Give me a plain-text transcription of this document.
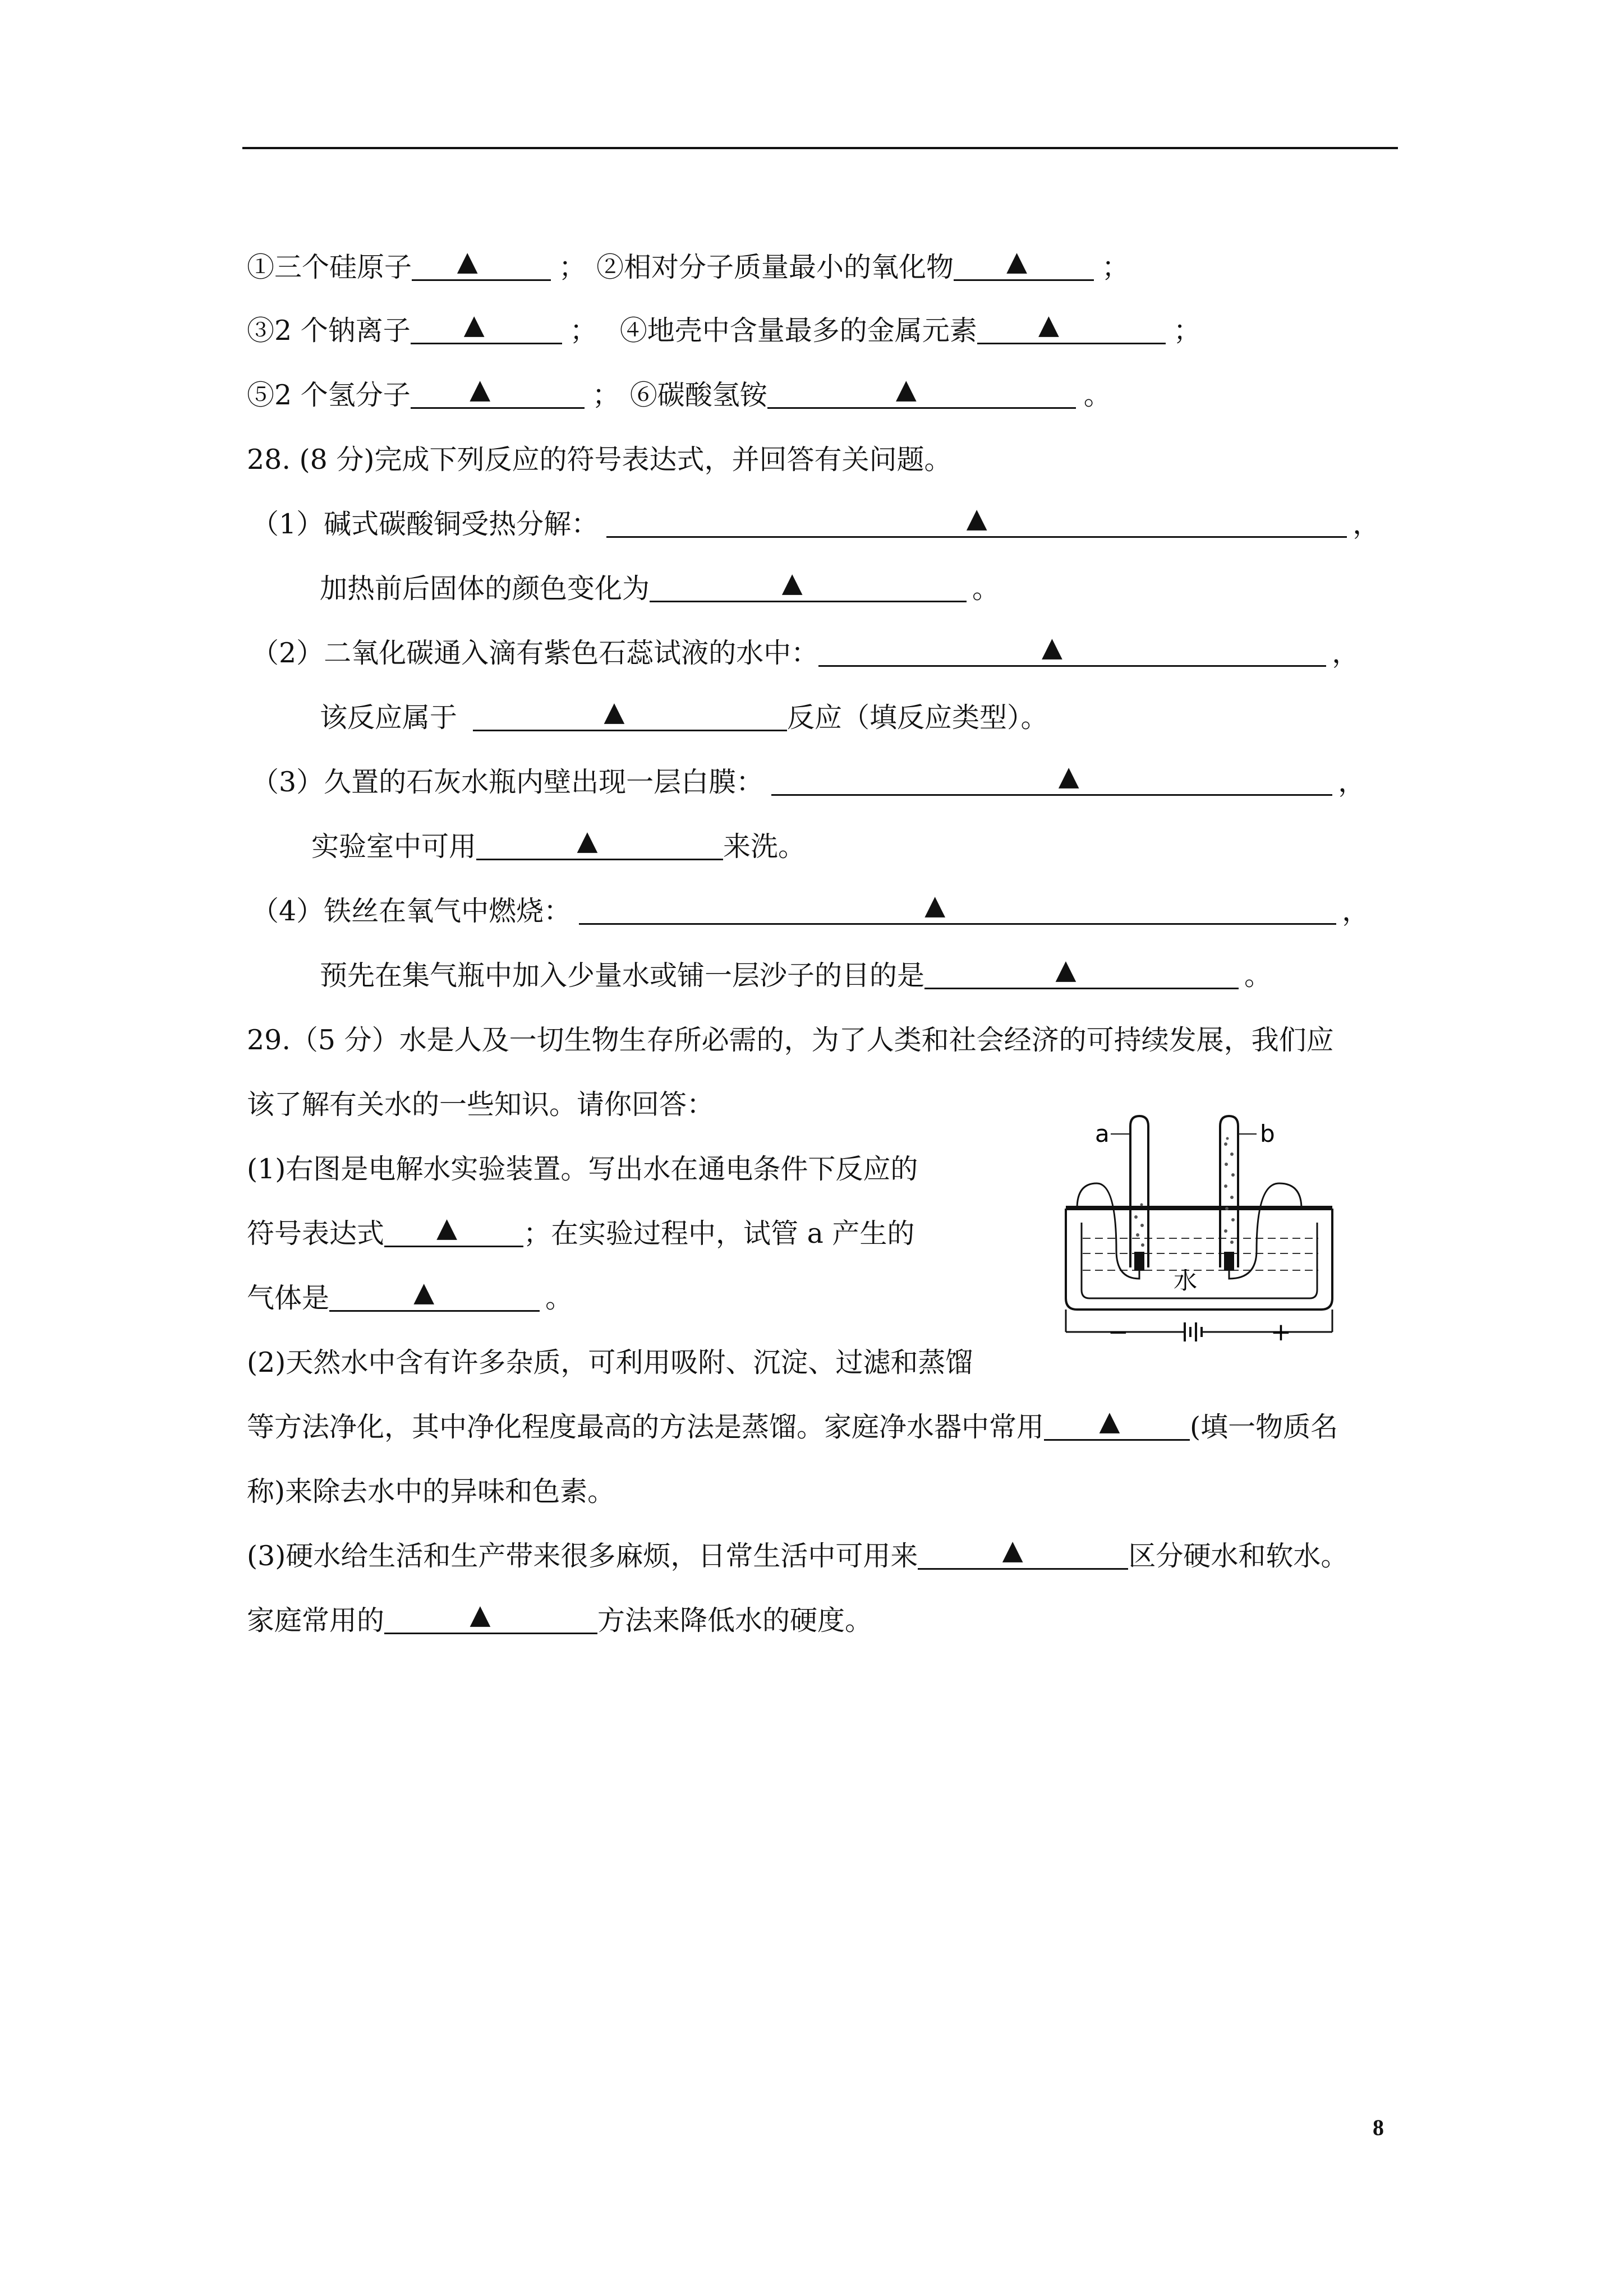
①三个硅原子 ▲	； ②相对分子质量最小的氧化物 ▲	；
③2 个钠离子 ▲	； ④地壳中含量最多的金属元素 ▲	；
⑤2 个氢分子 ▲	； ⑥碳酸氢铵	▲	。
28. (8 分)完成下列反应的符号表达式，并回答有关问题。
（1）碱式碳酸铜受热分解：	▲	，
加热前后固体的颜色变化为	▲	。
（2）二氧化碳通入滴有紫色石蕊试液的水中：	▲	，
该反应属于	▲	反应（填反应类型）。
（3）久置的石灰水瓶内壁出现一层白膜：	▲	，
实验室中可用	▲	来洗。
（4）铁丝在氧气中燃烧：	▲	，
预先在集气瓶中加入少量水或铺一层沙子的目的是	▲	。
29.（5 分）水是人及一切生物生存所必需的，为了人类和社会经济的可持续发展，我们应
该了解有关水的一些知识。请你回答：
(1)右图是电解水实验装置。写出水在通电条件下反应的
符号表达式 ▲ ；在实验过程中，试管 a 产生的
气体是	▲	。
(2)天然水中含有许多杂质，可利用吸附、沉淀、过滤和蒸馏
等方法净化，其中净化程度最高的方法是蒸馏。家庭净水器中常用 ▲	(填一物质名
称)来除去水中的异味和色素。
(3)硬水给生活和生产带来很多麻烦，日常生活中可用来	▲	区分硬水和软水。
家庭常用的	▲	方法来降低水的硬度。
a	b
水
−	+
8
